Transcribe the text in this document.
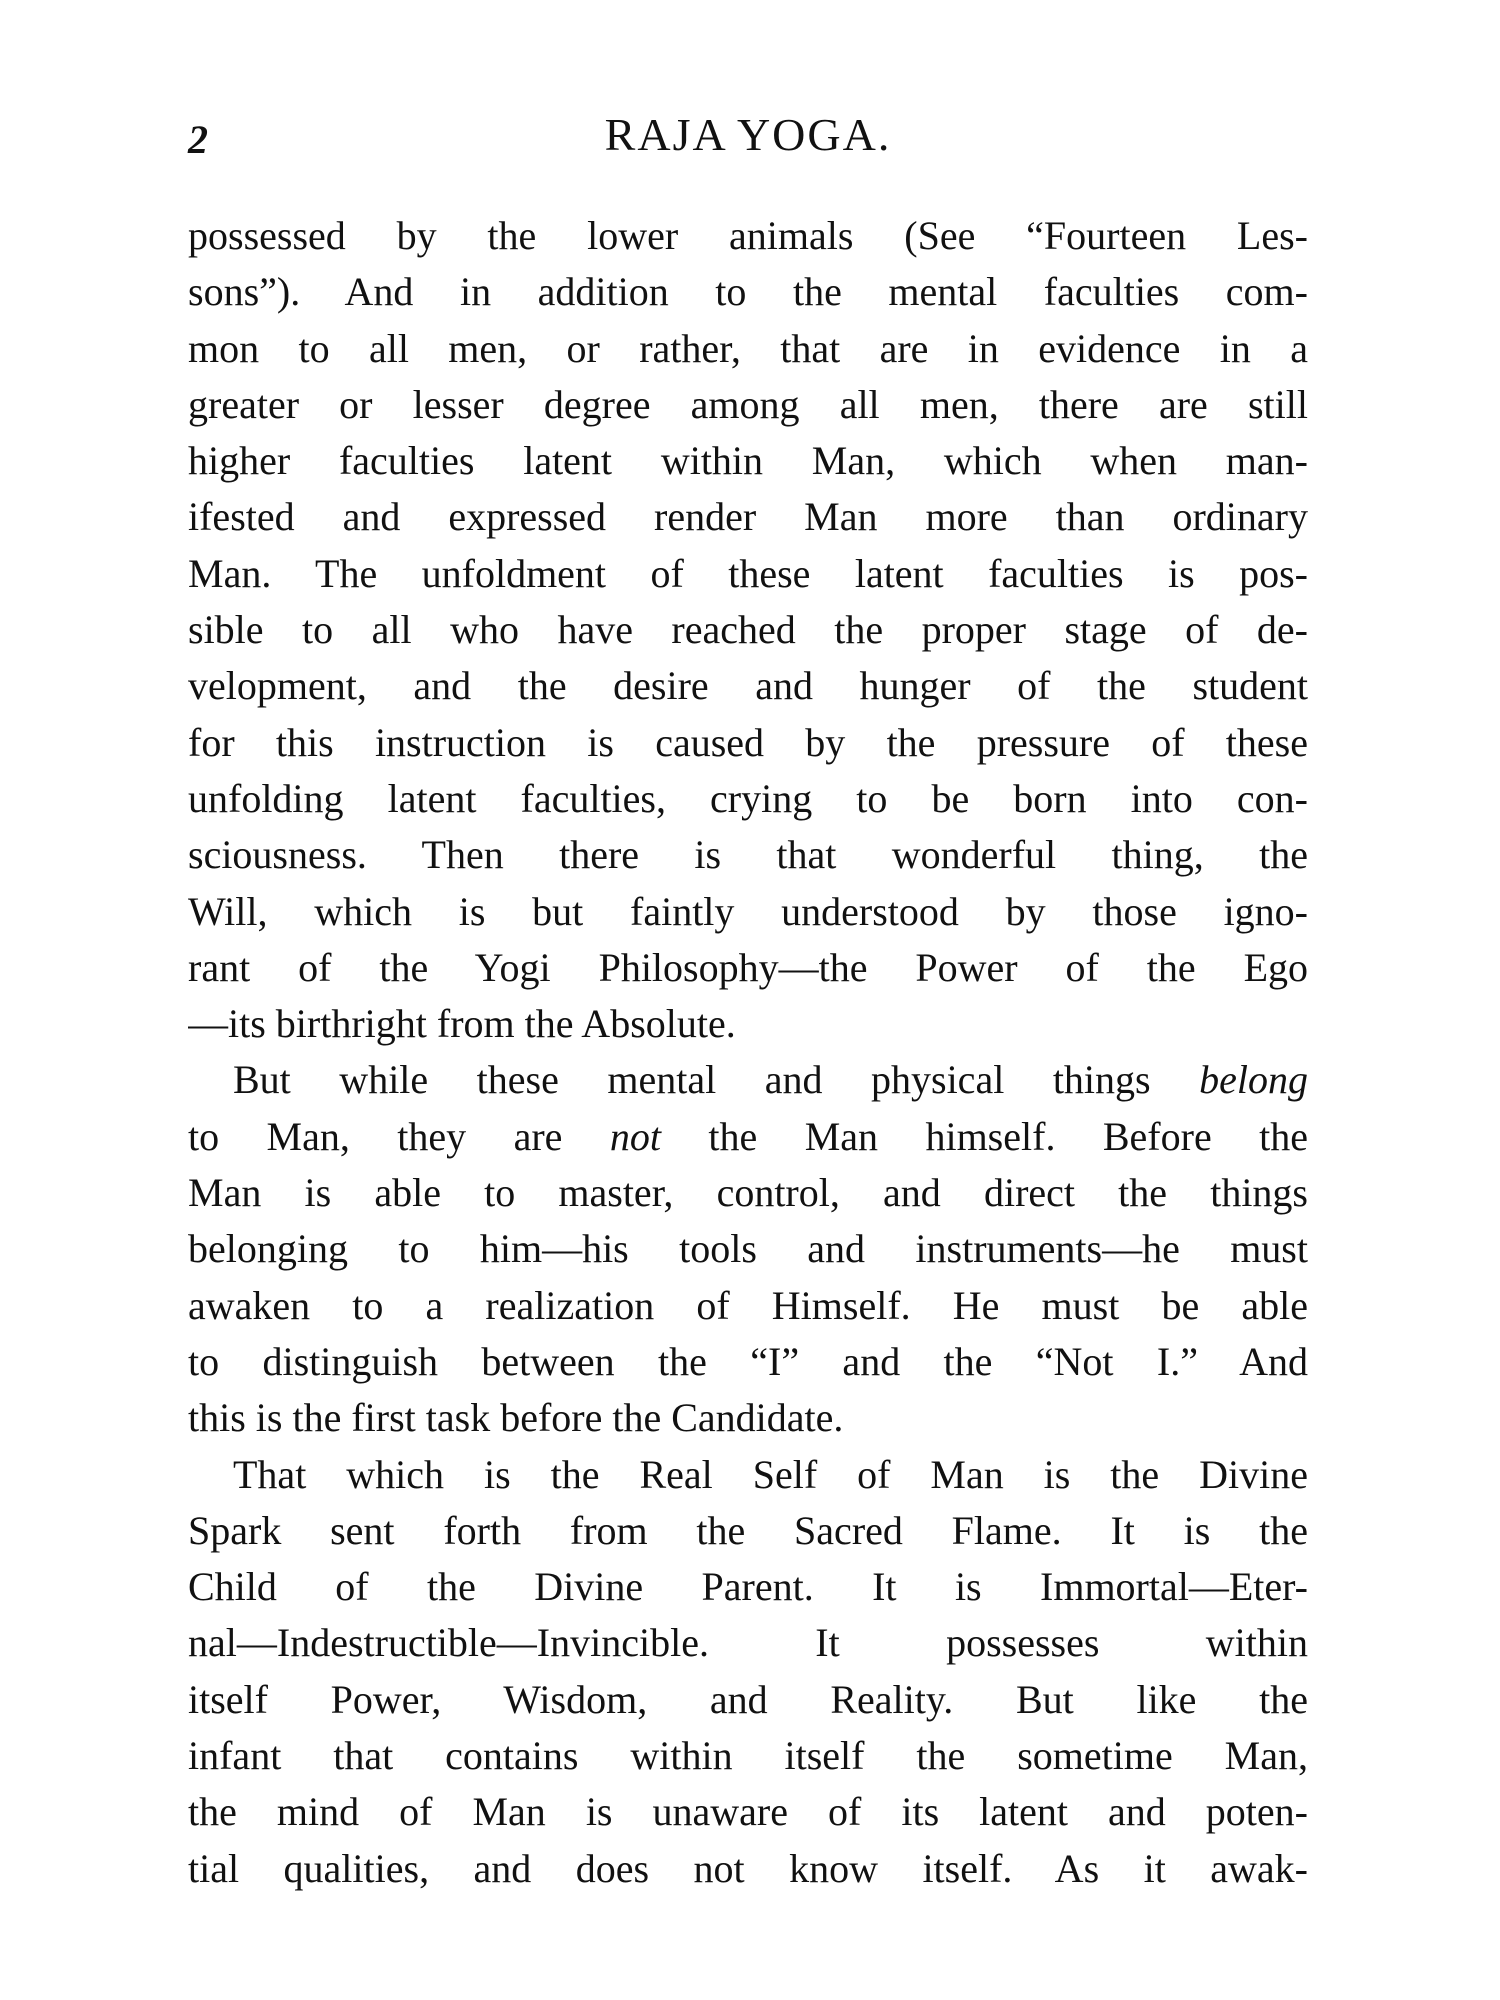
2	RAJA YOGA.
possessed by the lower animals (See “Fourteen Les-
sons”). And in addition to the mental faculties com-
mon to all men, or rather, that are in evidence in a
greater or lesser degree among all men, there are still
higher faculties latent within Man, which when man-
ifested and expressed render Man more than ordinary
Man. The unfoldment of these latent faculties is pos-
sible to all who have reached the proper stage of de-
velopment, and the desire and hunger of the student
for this instruction is caused by the pressure of these
unfolding latent faculties, crying to be born into con-
sciousness. Then there is that wonderful thing, the
Will, which is but faintly understood by those igno-
rant of the Yogi Philosophy—the Power of the Ego
—its birthright from the Absolute.
But while these mental and physical things belong
to Man, they are not the Man himself. Before the
Man is able to master, control, and direct the things
belonging to him—his tools and instruments—he must
awaken to a realization of Himself. He must be able
to distinguish between the “I” and the “Not I.” And
this is the first task before the Candidate.
That which is the Real Self of Man is the Divine
Spark sent forth from the Sacred Flame. It is the
Child of the Divine Parent. It is Immortal—Eter-
nal—Indestructible—Invincible. It possesses within
itself Power, Wisdom, and Reality. But like the
infant that contains within itself the sometime Man,
the mind of Man is unaware of its latent and poten-
tial qualities, and does not know itself. As it awak-
